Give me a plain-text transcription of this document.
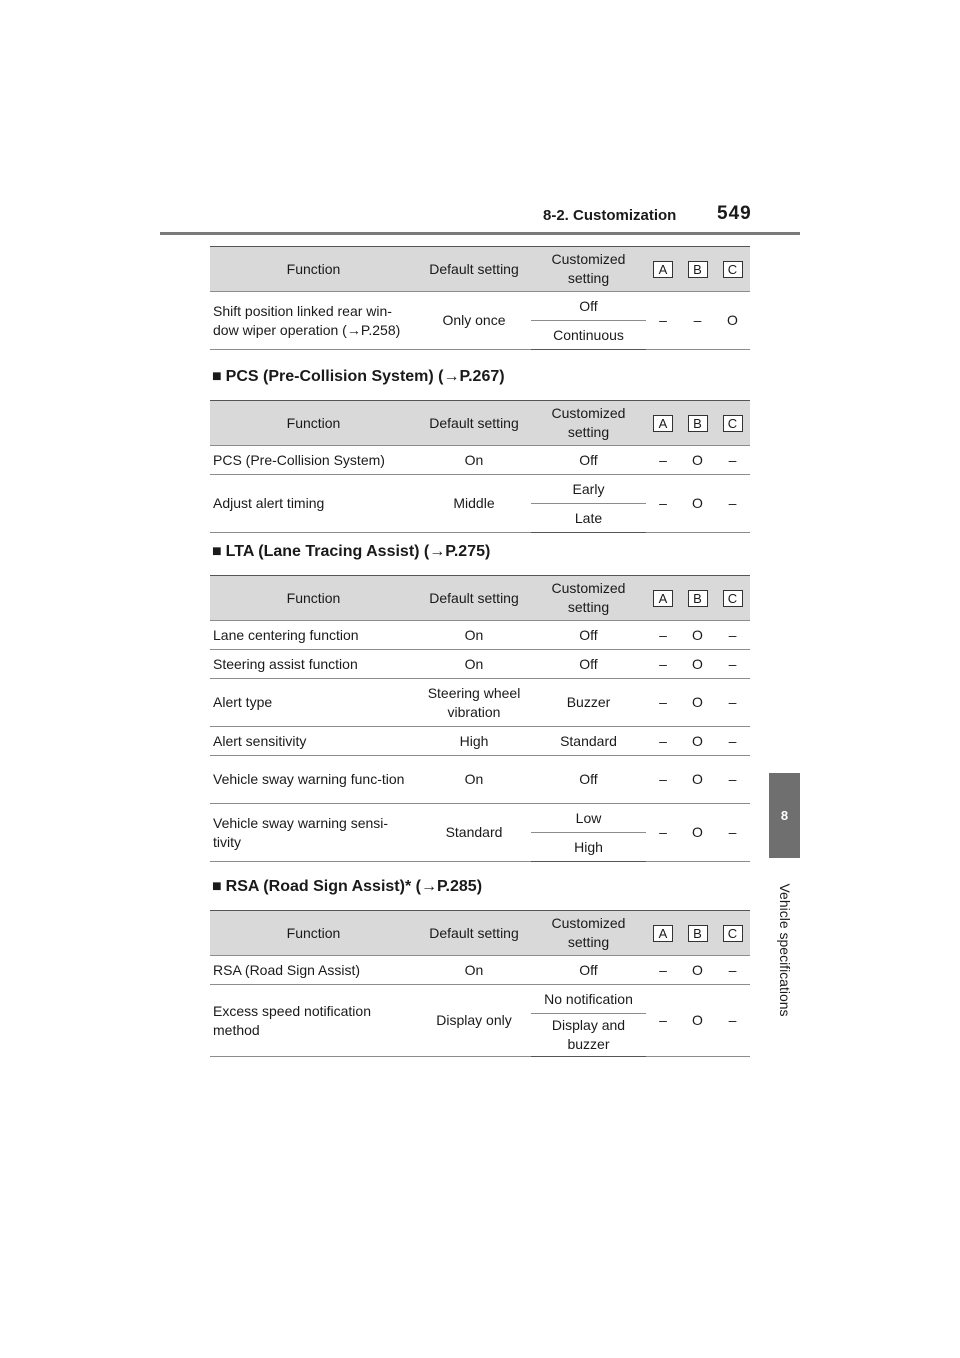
8-2. Customization 549
8
Vehicle specifications
Function	Default setting	Customized setting	A	B	C
Shift position linked rear win-dow wiper operation (→P.258)	Only once	Off	–	–	O
		Continuous			
■ PCS (Pre-Collision System) (→P.267)
Function	Default setting	Customized setting	A	B	C
PCS (Pre-Collision System)	On	Off	–	O	–
Adjust alert timing	Middle	Early	–	O	–
		Late			
■ LTA (Lane Tracing Assist) (→P.275)
Function	Default setting	Customized setting	A	B	C
Lane centering function	On	Off	–	O	–
Steering assist function	On	Off	–	O	–
Alert type	Steering wheel vibration	Buzzer	–	O	–
Alert sensitivity	High	Standard	–	O	–
Vehicle sway warning func-tion	On	Off	–	O	–
Vehicle sway warning sensi-tivity	Standard	Low	–	O	–
		High			
■ RSA (Road Sign Assist)* (→P.285)
Function	Default setting	Customized setting	A	B	C
RSA (Road Sign Assist)	On	Off	–	O	–
Excess speed notification method	Display only	No notification	–	O	–
		Display and buzzer			
